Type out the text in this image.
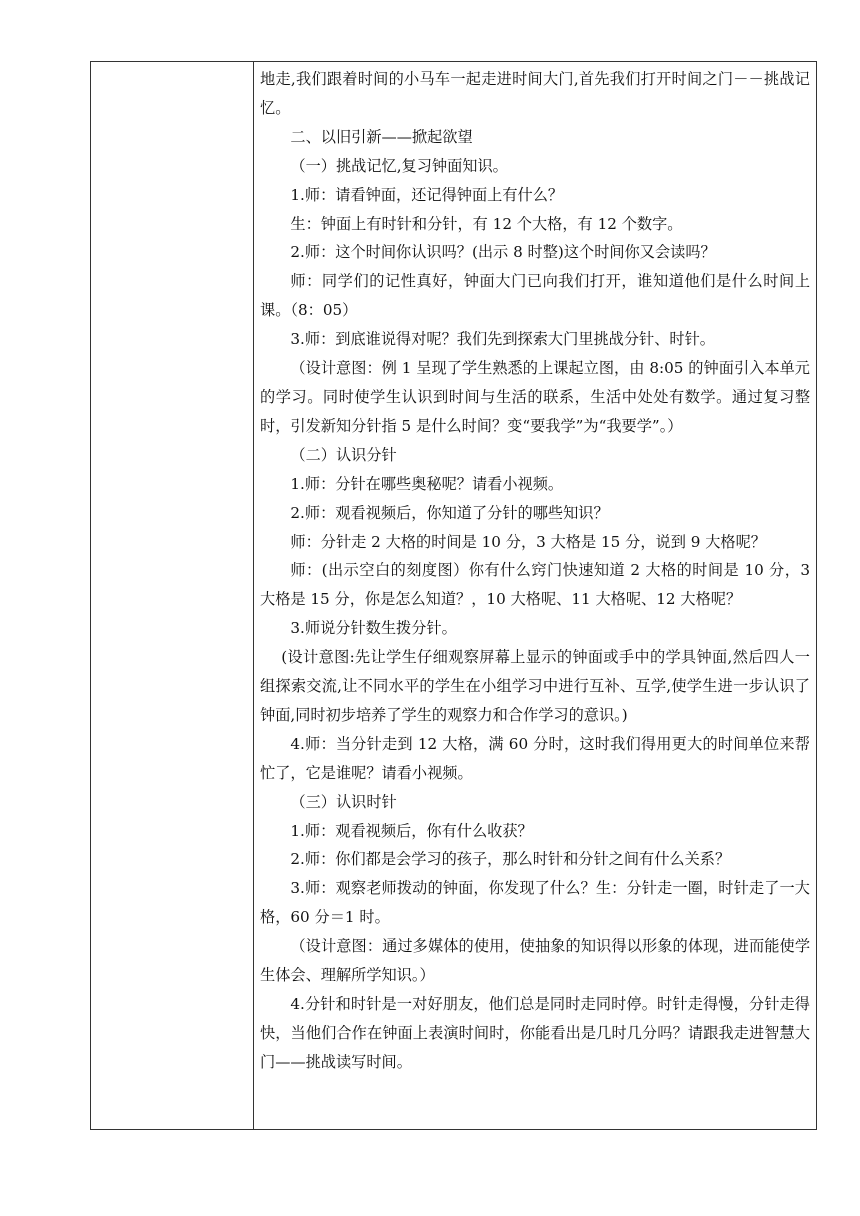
地走,我们跟着时间的小马车一起走进时间大门,首先我们打开时间之门－－挑战记忆。

二、以旧引新——掀起欲望

（一）挑战记忆,复习钟面知识。

1.师：请看钟面，还记得钟面上有什么？

生：钟面上有时针和分针，有 12 个大格，有 12 个数字。

2.师：这个时间你认识吗？(出示 8 时整)这个时间你又会读吗？

师：同学们的记性真好，钟面大门已向我们打开，谁知道他们是什么时间上课。（8：05）

3.师：到底谁说得对呢？我们先到探索大门里挑战分针、时针。

（设计意图：例 1 呈现了学生熟悉的上课起立图，由 8:05 的钟面引入本单元的学习。同时使学生认识到时间与生活的联系，生活中处处有数学。通过复习整时，引发新知分针指 5 是什么时间？变“要我学”为“我要学”。）

（二）认识分针

1.师：分针在哪些奥秘呢？请看小视频。

2.师：观看视频后，你知道了分针的哪些知识？

师：分针走 2 大格的时间是 10 分，3 大格是 15 分，说到 9 大格呢？

师：(出示空白的刻度图）你有什么窍门快速知道 2 大格的时间是 10 分，3 大格是 15 分，你是怎么知道？，10 大格呢、11 大格呢、12 大格呢？

3.师说分针数生拨分针。

(设计意图:先让学生仔细观察屏幕上显示的钟面或手中的学具钟面,然后四人一组探索交流,让不同水平的学生在小组学习中进行互补、互学,使学生进一步认识了钟面,同时初步培养了学生的观察力和合作学习的意识。)

4.师：当分针走到 12 大格，满 60 分时，这时我们得用更大的时间单位来帮忙了，它是谁呢？请看小视频。

（三）认识时针

1.师：观看视频后，你有什么收获？

2.师：你们都是会学习的孩子，那么时针和分针之间有什么关系？

3.师：观察老师拨动的钟面，你发现了什么？生：分针走一圈，时针走了一大格，60 分＝1 时。

（设计意图：通过多媒体的使用，使抽象的知识得以形象的体现，进而能使学生体会、理解所学知识。）

4.分针和时针是一对好朋友，他们总是同时走同时停。时针走得慢，分针走得快，当他们合作在钟面上表演时间时，你能看出是几时几分吗？请跟我走进智慧大门——挑战读写时间。
